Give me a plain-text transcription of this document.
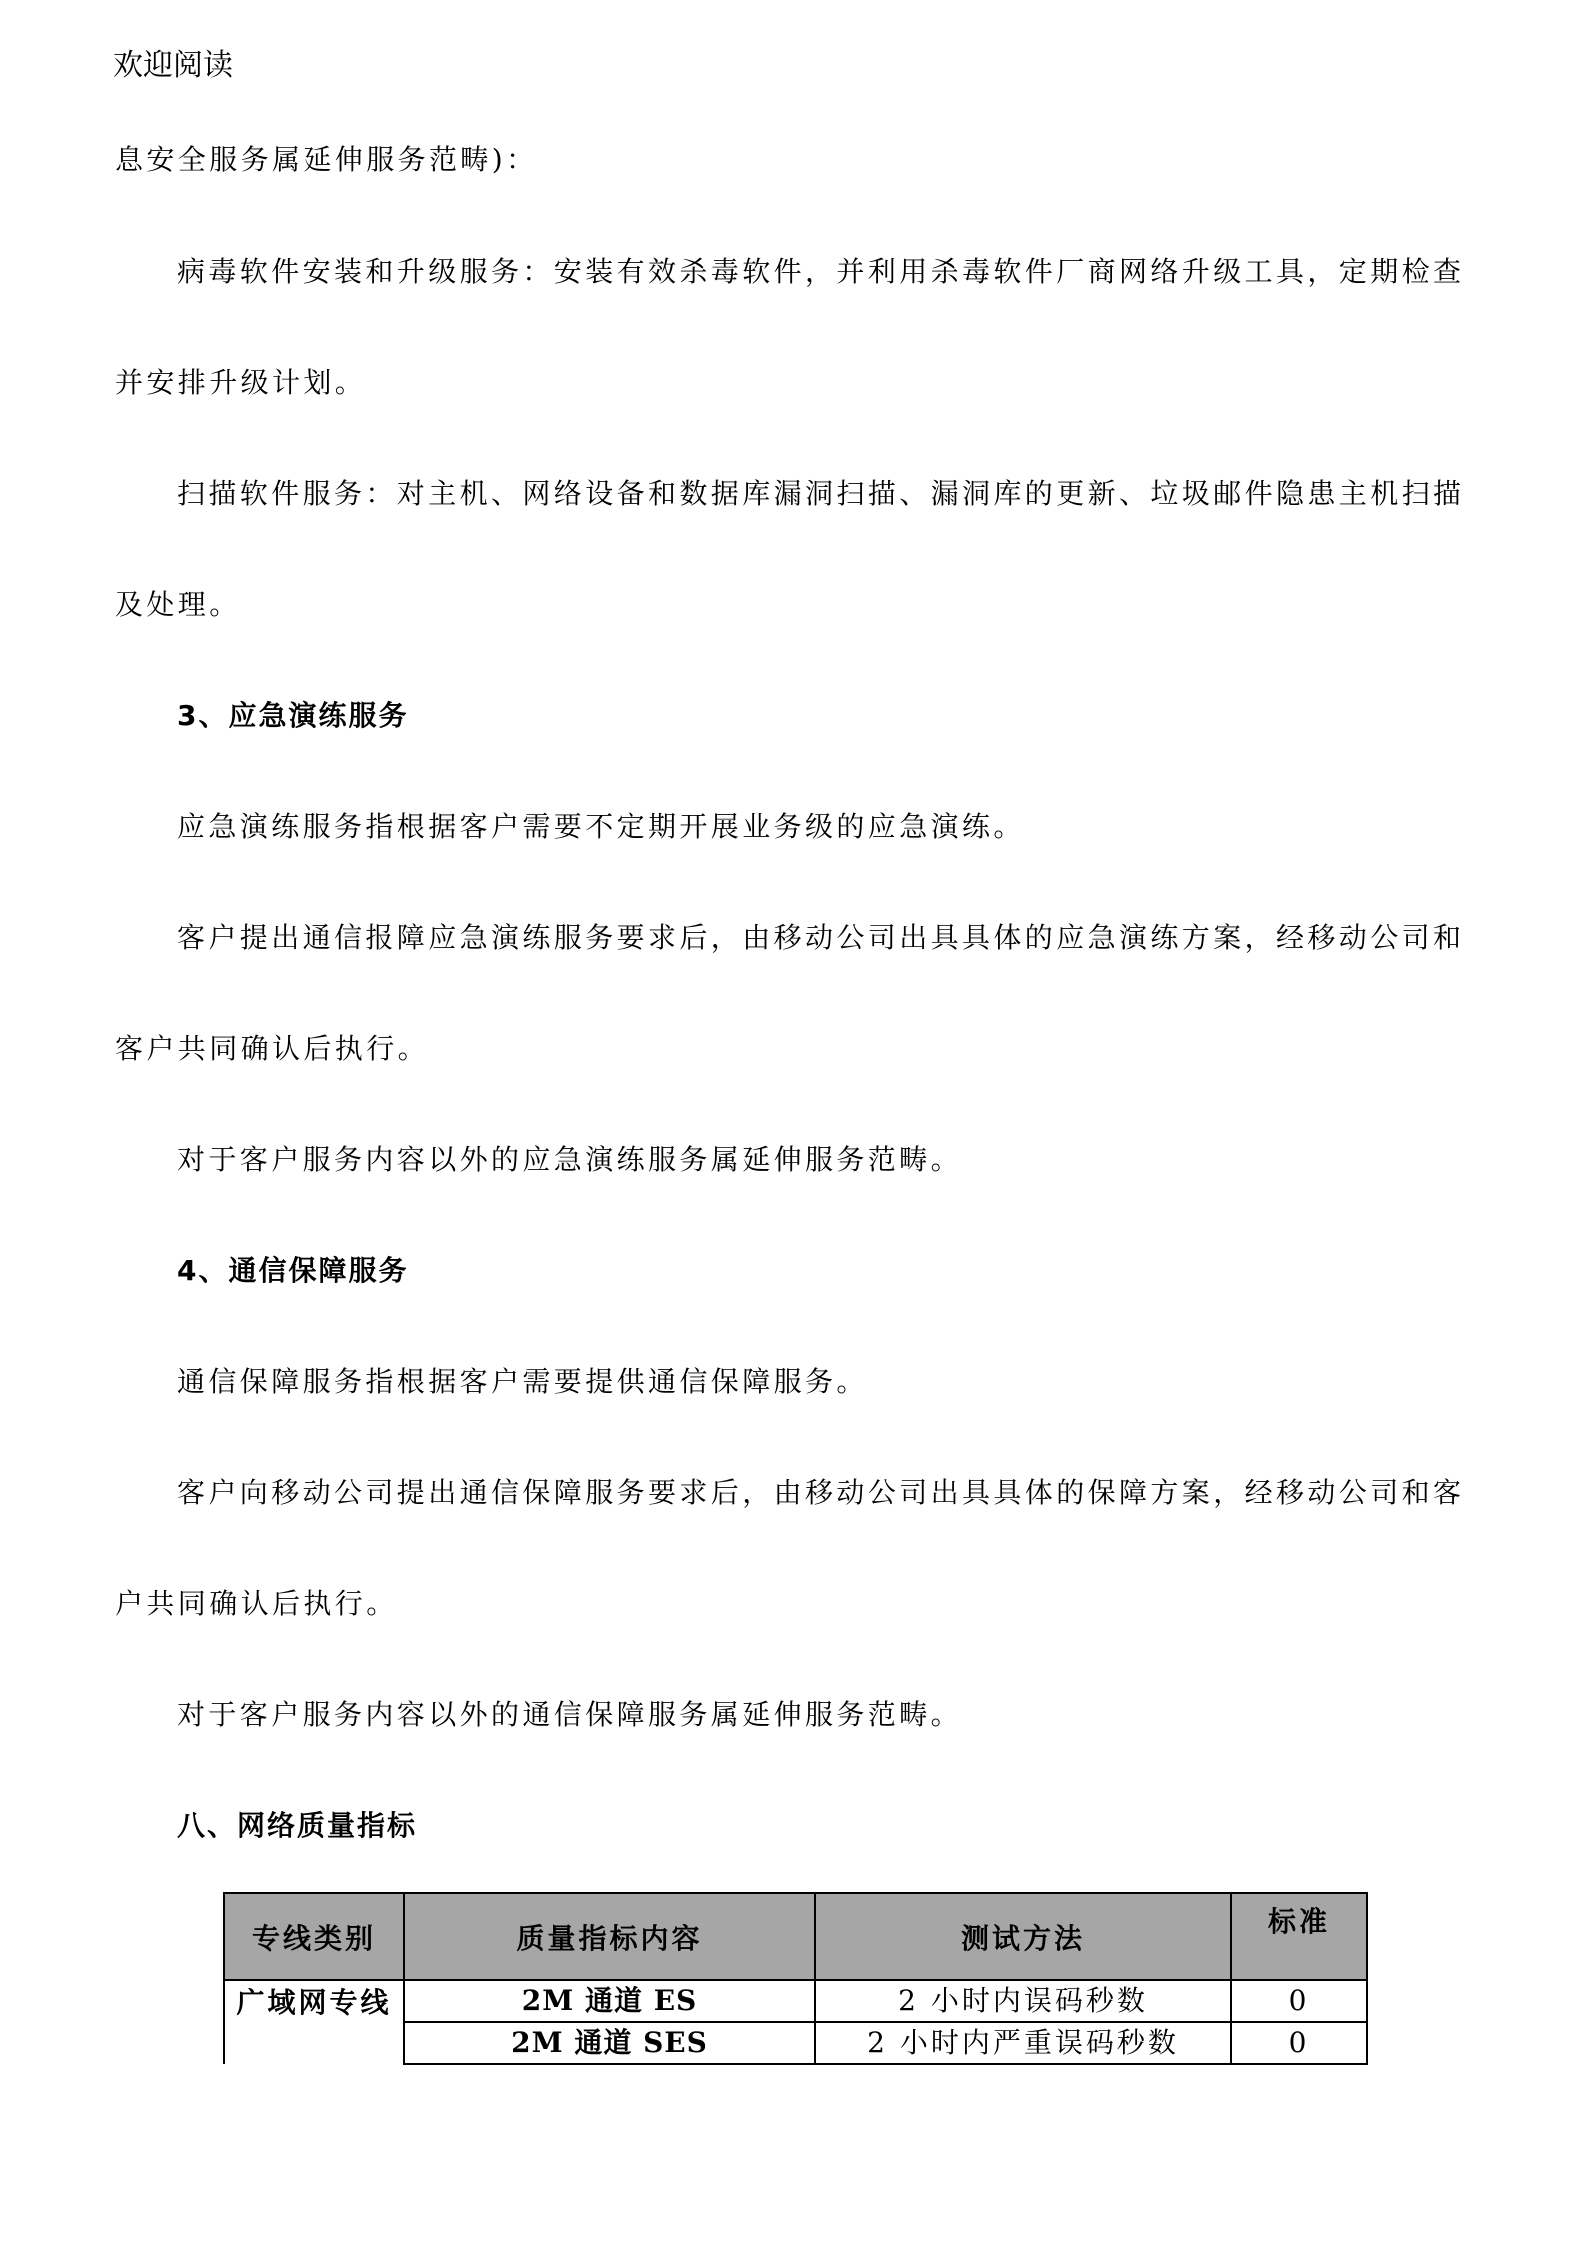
欢迎阅读
息安全服务属延伸服务范畴)：
病毒软件安装和升级服务：安装有效杀毒软件，并利用杀毒软件厂商网络升级工具，定期检查
并安排升级计划。
扫描软件服务：对主机、网络设备和数据库漏洞扫描、漏洞库的更新、垃圾邮件隐患主机扫描
及处理。
3、应急演练服务
应急演练服务指根据客户需要不定期开展业务级的应急演练。
客户提出通信报障应急演练服务要求后，由移动公司出具具体的应急演练方案，经移动公司和
客户共同确认后执行。
对于客户服务内容以外的应急演练服务属延伸服务范畴。
4、通信保障服务
通信保障服务指根据客户需要提供通信保障服务。
客户向移动公司提出通信保障服务要求后，由移动公司出具具体的保障方案，经移动公司和客
户共同确认后执行。
对于客户服务内容以外的通信保障服务属延伸服务范畴。
八、网络质量指标
专线类别	质量指标内容	测试方法	标准
广域网专线	2M 通道 ES	2 小时内误码秒数	0
	2M 通道 SES	2 小时内严重误码秒数	0
